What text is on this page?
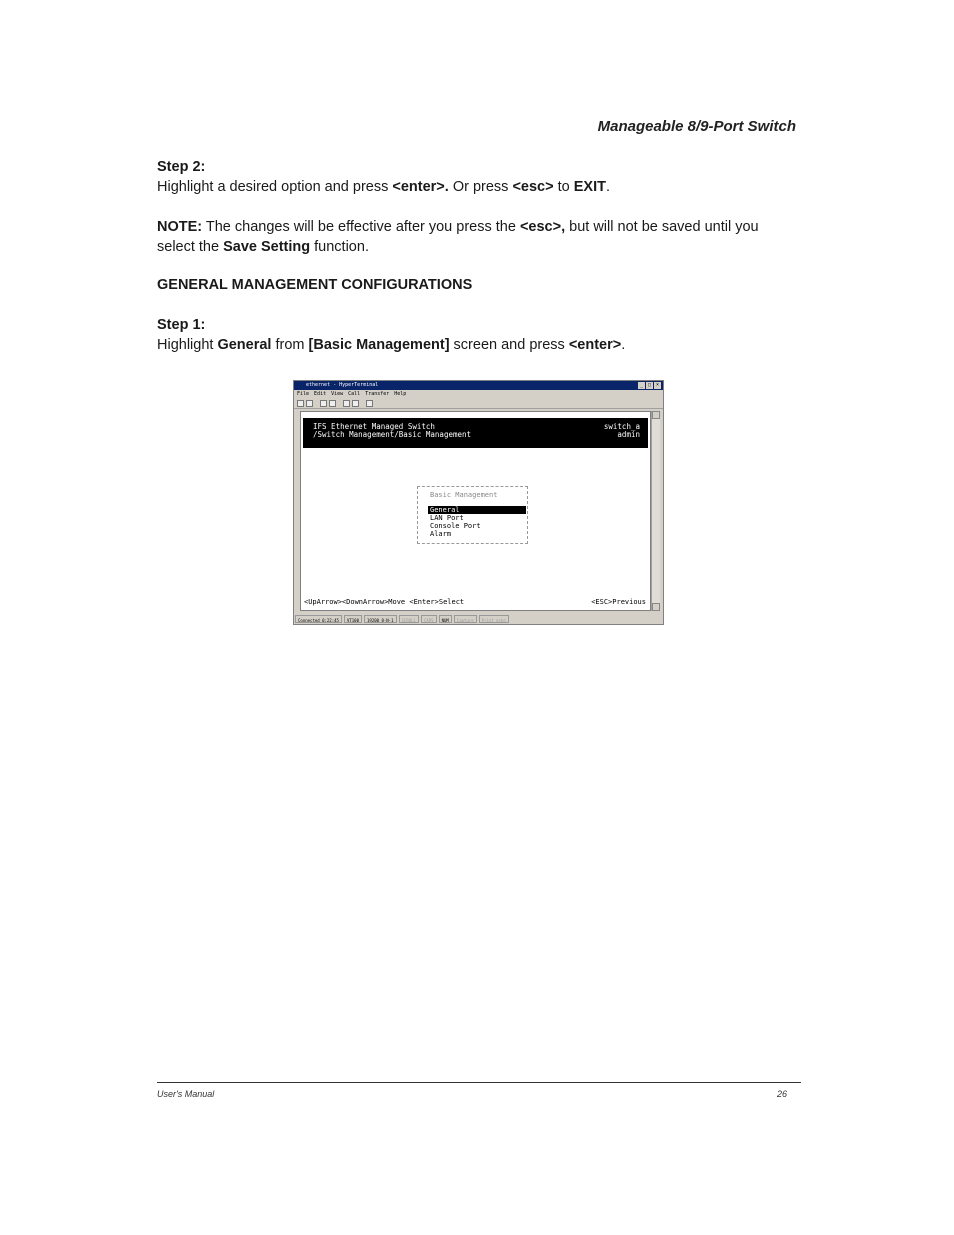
Manageable 8/9-Port Switch

Step 2:

Highlight a desired option and press <enter>. Or press <esc> to EXIT.

NOTE: The changes will be effective after you press the <esc>, but will not be saved until you select the Save Setting function.

GENERAL MANAGEMENT CONFIGURATIONS

Step 1:

Highlight General from [Basic Management] screen and press <enter>.

ethernet - HyperTerminal	_ □ ×
File Edit View Call Transfer Help
IFS Ethernet Managed Switch	switch_a
/Switch Management/Basic Management	admin
Basic Management
General
LAN Port
Console Port
Alarm
<UpArrow><DownArrow>Move <Enter>Select	<ESC>Previous
Connected 0:22:45	VT100	19200 8-N-1	SCROLL	CAPS	NUM	Capture	Print echo
User's Manual	26
